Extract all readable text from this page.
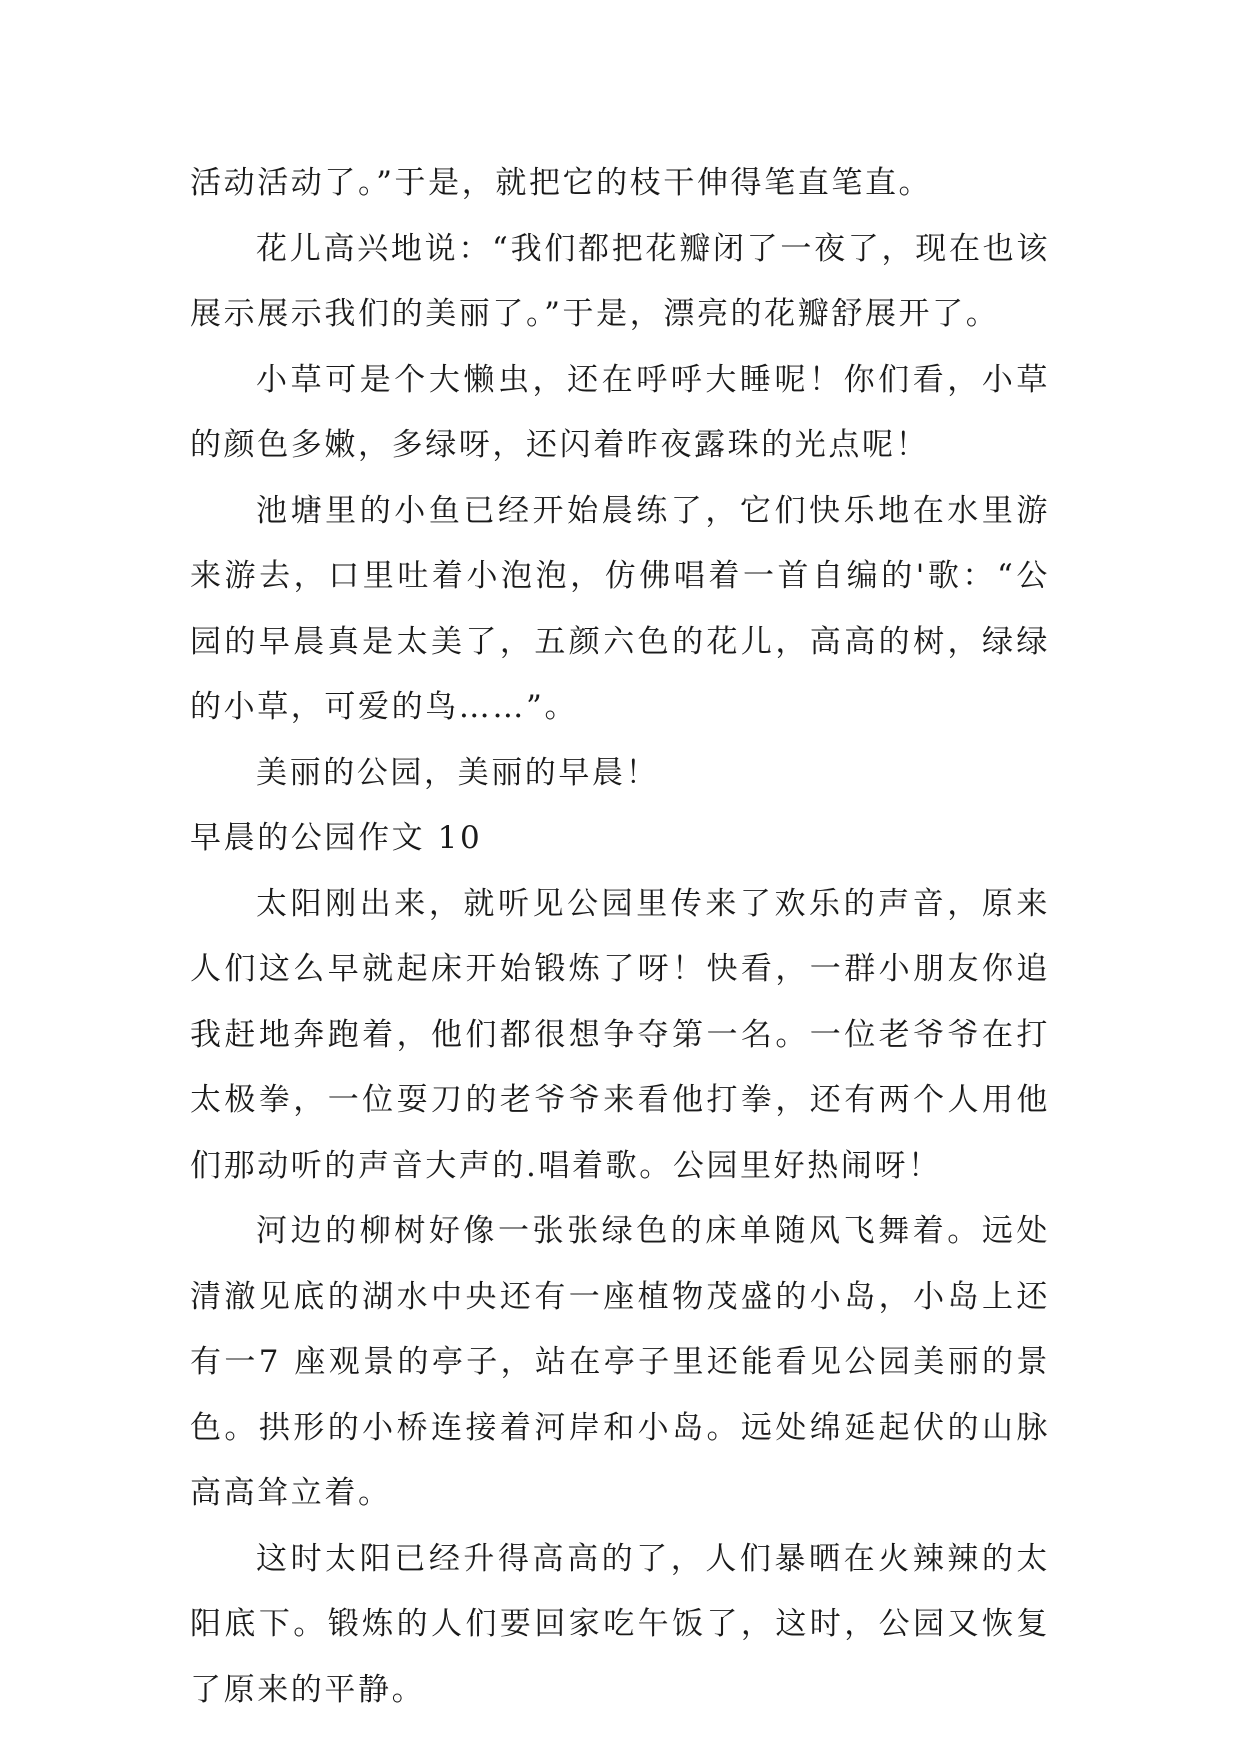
活动活动了。”于是，就把它的枝干伸得笔直笔直。

花儿高兴地说：“我们都把花瓣闭了一夜了，现在也该展示展示我们的美丽了。”于是，漂亮的花瓣舒展开了。

小草可是个大懒虫，还在呼呼大睡呢！你们看，小草的颜色多嫩，多绿呀，还闪着昨夜露珠的光点呢！

池塘里的小鱼已经开始晨练了，它们快乐地在水里游来游去，口里吐着小泡泡，仿佛唱着一首自编的'歌：“公园的早晨真是太美了，五颜六色的花儿，高高的树，绿绿的小草，可爱的鸟……”。

美丽的公园，美丽的早晨！

早晨的公园作文 10

太阳刚出来，就听见公园里传来了欢乐的声音，原来人们这么早就起床开始锻炼了呀！快看，一群小朋友你追我赶地奔跑着，他们都很想争夺第一名。一位老爷爷在打太极拳，一位耍刀的老爷爷来看他打拳，还有两个人用他们那动听的声音大声的.唱着歌。公园里好热闹呀！

河边的柳树好像一张张绿色的床单随风飞舞着。远处清澈见底的湖水中央还有一座植物茂盛的小岛，小岛上还有一7 座观景的亭子，站在亭子里还能看见公园美丽的景色。拱形的小桥连接着河岸和小岛。远处绵延起伏的山脉高高耸立着。

这时太阳已经升得高高的了，人们暴晒在火辣辣的太阳底下。锻炼的人们要回家吃午饭了，这时，公园又恢复了原来的平静。
